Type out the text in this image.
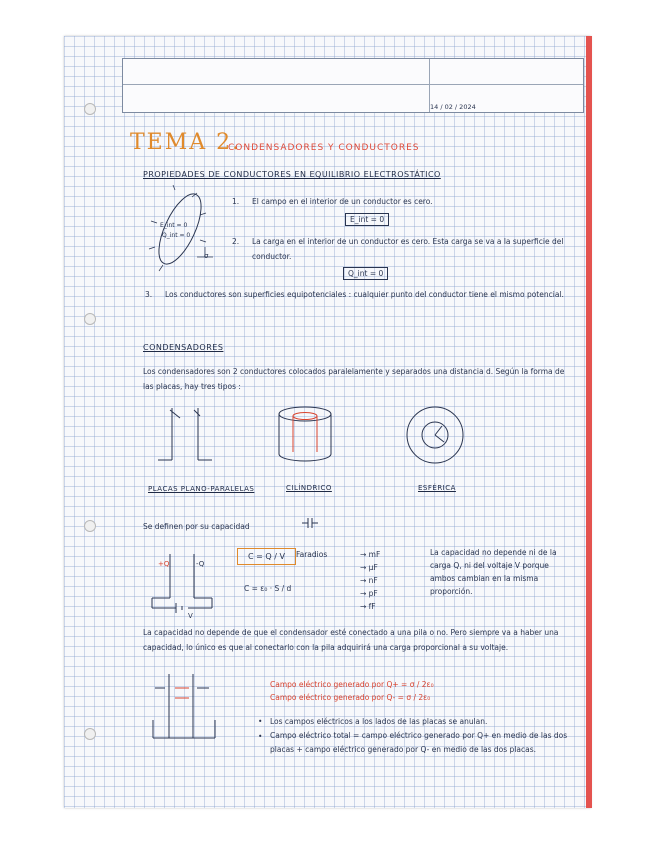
14 / 02 / 2024
TEMA 2.
CONDENSADORES Y CONDUCTORES
PROPIEDADES DE CONDUCTORES EN EQUILIBRIO ELECTROSTÁTICO
E_int = 0
Q_int = 0
σ
1. El campo en el interior de un conductor es cero.
E_int = 0
2. La carga en el interior de un conductor es cero. Esta carga se va a la superficie del conductor.
Q_int = 0
3. Los conductores son superficies equipotenciales : cualquier punto del conductor tiene el mismo potencial.
CONDENSADORES
Los condensadores son 2 conductores colocados paralelamente y separados una distancia d. Según la forma de las placas, hay tres tipos :
PLACAS PLANO-PARALELAS	CILÍNDRICO	ESFÉRICA
Se definen por su capacidad
+Q	-Q
V
C = Q / V	Faradios
C = ε₀ · S / d
→ mF
→ μF
→ nF
→ pF
→ fF
La capacidad no depende ni de la carga Q, ni del voltaje V porque ambos cambian en la misma proporción.
La capacidad no depende de que el condensador esté conectado a una pila o no. Pero siempre va a haber una capacidad, lo único es que al conectarlo con la pila adquirirá una carga proporcional a su voltaje.
Campo eléctrico generado por Q+ = σ / 2ε₀
Campo eléctrico generado por Q- = σ / 2ε₀
• Los campos eléctricos a los lados de las placas se anulan.
• Campo eléctrico total = campo eléctrico generado por Q+ en medio de las dos placas + campo eléctrico generado por Q- en medio de las dos placas.
